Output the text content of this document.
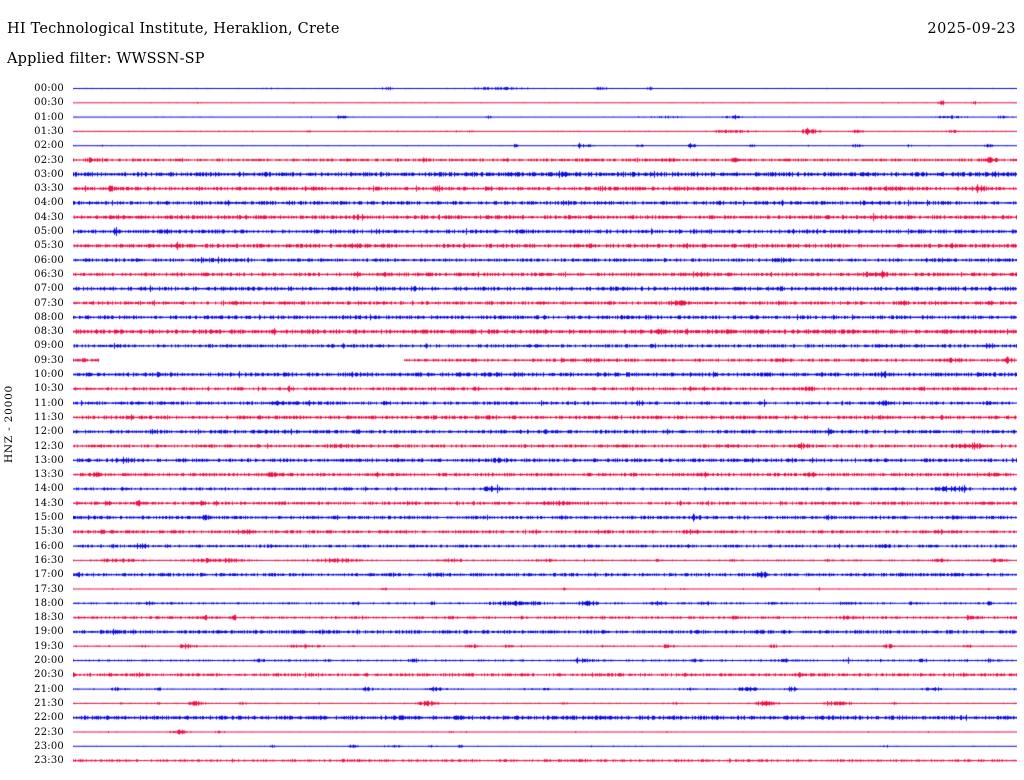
HI Technological Institute, Heraklion, Crete	2025-09-23
Applied filter: WWSSN-SP
HNZ - 20000
00:00
00:30
01:00
01:30
02:00
02:30
03:00
03:30
04:00
04:30
05:00
05:30
06:00
06:30
07:00
07:30
08:00
08:30
09:00
09:30
10:00
10:30
11:00
11:30
12:00
12:30
13:00
13:30
14:00
14:30
15:00
15:30
16:00
16:30
17:00
17:30
18:00
18:30
19:00
19:30
20:00
20:30
21:00
21:30
22:00
22:30
23:00
23:30
